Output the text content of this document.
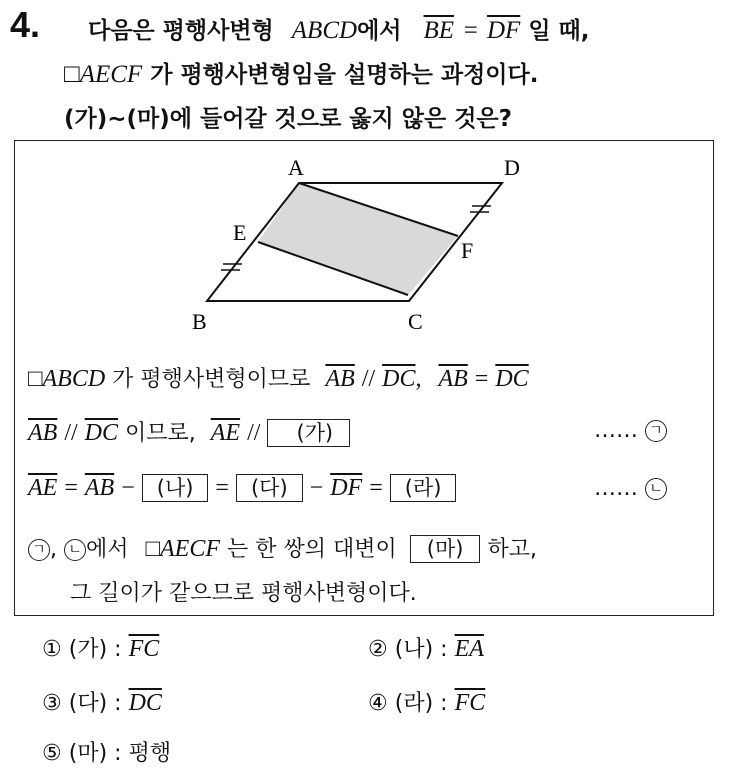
4. 다음은 평행사변형 ABCD에서 $\overline{BE} = \overline{DF}$ 일 때,
□AECF 가 평행사변형임을 설명하는 과정이다.
(가)~(마)에 들어갈 것으로 옳지 않은 것은?
A	D
E
F
B	C
□ABCD 가 평행사변형이므로 $\overline{AB} // \overline{DC}$, $\overline{AB} = \overline{DC}$
$\overline{AB} // \overline{DC}$ 이므로, $\overline{AE}$ // (가)	…… ㄱ
$\overline{AE} = \overline{AB}$ − (나) = (다) − $\overline{DF}$ = (라)	…… ㄴ
ㄱ , ㄴ 에서 □AECF 는 한 쌍의 대변이 (마) 하고,
그 길이가 같으므로 평행사변형이다.
① (가) : $\overline{FC}$	② (나) : $\overline{EA}$
③ (다) : $\overline{DC}$	④ (라) : $\overline{FC}$
⑤ (마) : 평행
